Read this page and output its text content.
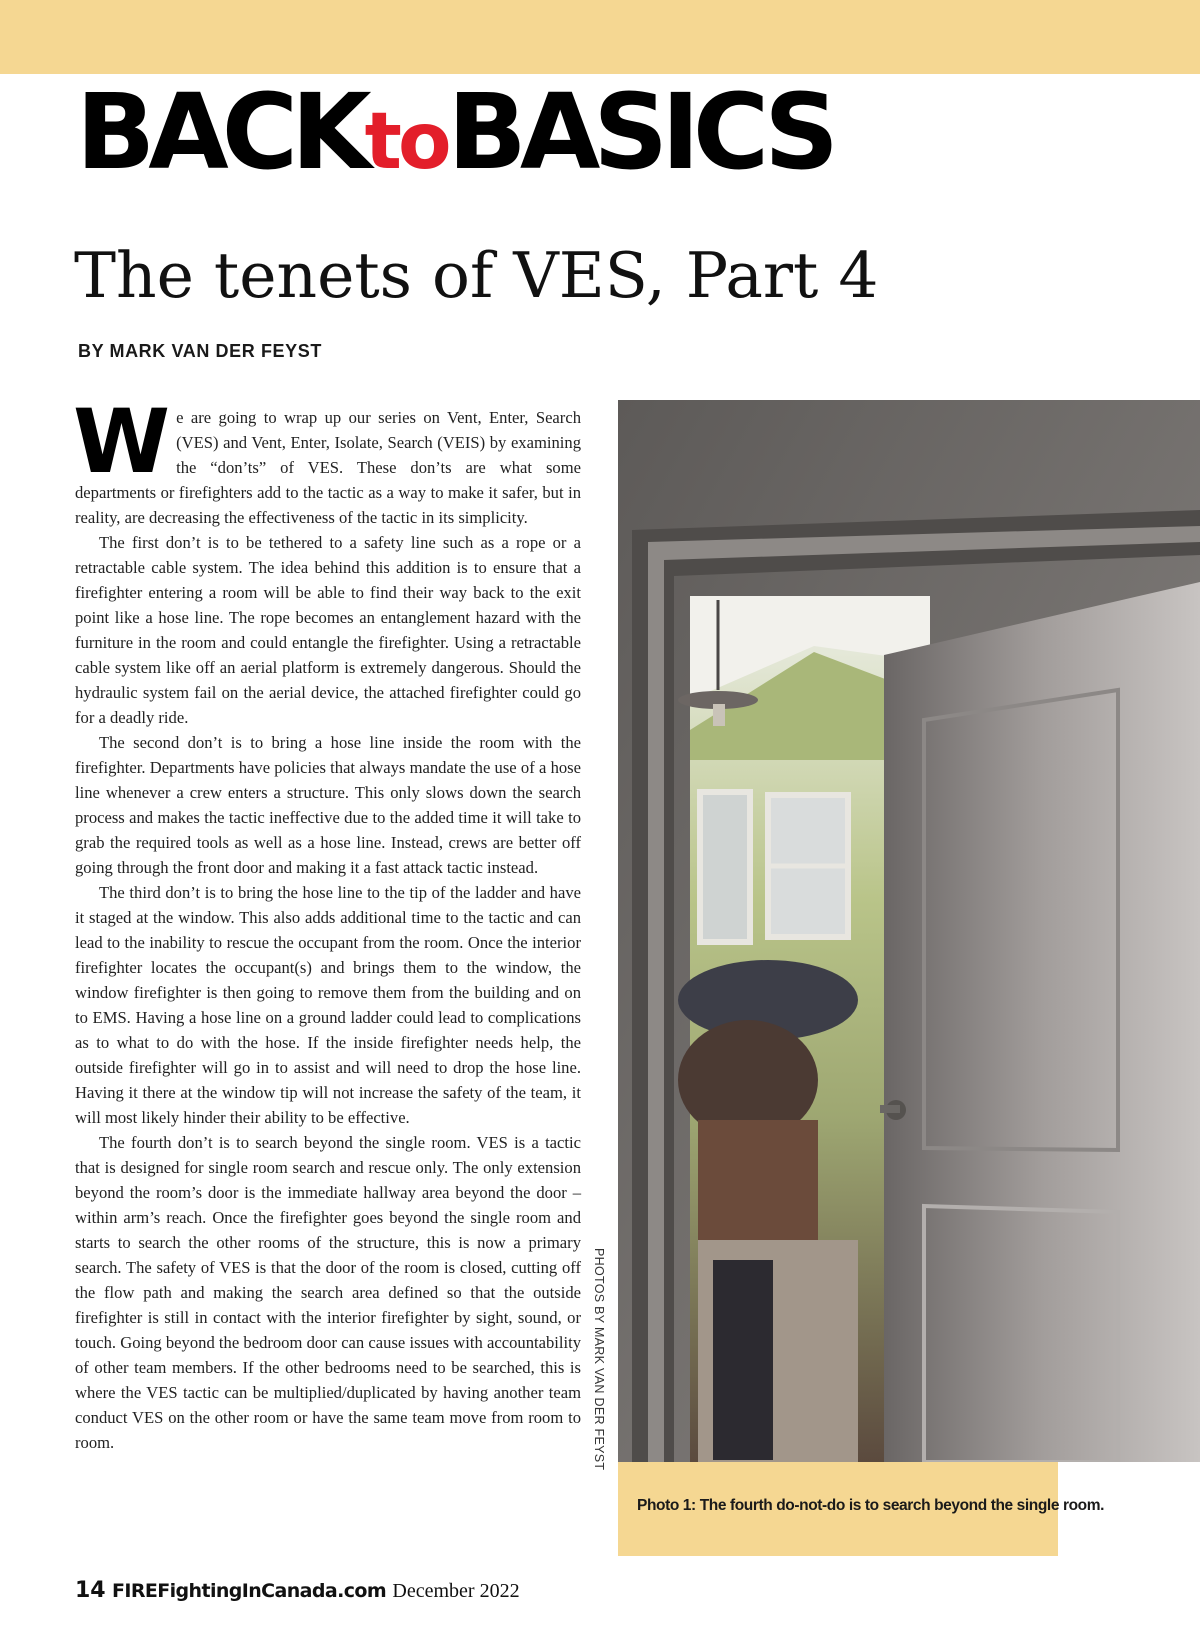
BACKtoBASICS
The tenets of VES, Part 4
BY MARK VAN DER FEYST

We are going to wrap up our series on Vent, Enter, Search (VES) and Vent, Enter, Isolate, Search (VEIS) by examining the “don’ts” of VES. These don’ts are what some departments or firefighters add to the tactic as a way to make it safer, but in reality, are decreasing the effectiveness of the tactic in its simplicity.

The first don’t is to be tethered to a safety line such as a rope or a retractable cable system. The idea behind this addition is to ensure that a firefighter entering a room will be able to find their way back to the exit point like a hose line. The rope becomes an entanglement hazard with the furniture in the room and could entangle the firefighter. Using a retractable cable system like off an aerial platform is extremely dangerous. Should the hydraulic system fail on the aerial device, the attached firefighter could go for a deadly ride.

The second don’t is to bring a hose line inside the room with the firefighter. Departments have policies that always mandate the use of a hose line whenever a crew enters a structure. This only slows down the search process and makes the tactic ineffective due to the added time it will take to grab the required tools as well as a hose line. Instead, crews are better off going through the front door and making it a fast attack tactic instead.

The third don’t is to bring the hose line to the tip of the ladder and have it staged at the window. This also adds additional time to the tactic and can lead to the inability to rescue the occupant from the room. Once the interior firefighter locates the occupant(s) and brings them to the window, the window firefighter is then going to remove them from the building and on to EMS. Having a hose line on a ground ladder could lead to complications as to what to do with the hose. If the inside firefighter needs help, the outside firefighter will go in to assist and will need to drop the hose line. Having it there at the window tip will not increase the safety of the team, it will most likely hinder their ability to be effective.

The fourth don’t is to search beyond the single room. VES is a tactic that is designed for single room search and rescue only. The only extension beyond the room’s door is the immediate hallway area beyond the door – within arm’s reach. Once the firefighter goes beyond the single room and starts to search the other rooms of the structure, this is now a primary search. The safety of VES is that the door of the room is closed, cutting off the flow path and making the search area defined so that the outside firefighter is still in contact with the interior firefighter by sight, sound, or touch. Going beyond the bedroom door can cause issues with accountability of other team members. If the other bedrooms need to be searched, this is where the VES tactic can be multiplied/duplicated by having another team conduct VES on the other room or have the same team move from room to room.	PHOTOS BY MARK VAN DER FEYST
Photo 1: The fourth do-not-do is to search beyond the single room.
14 FIREFightingInCanada.com December 2022
